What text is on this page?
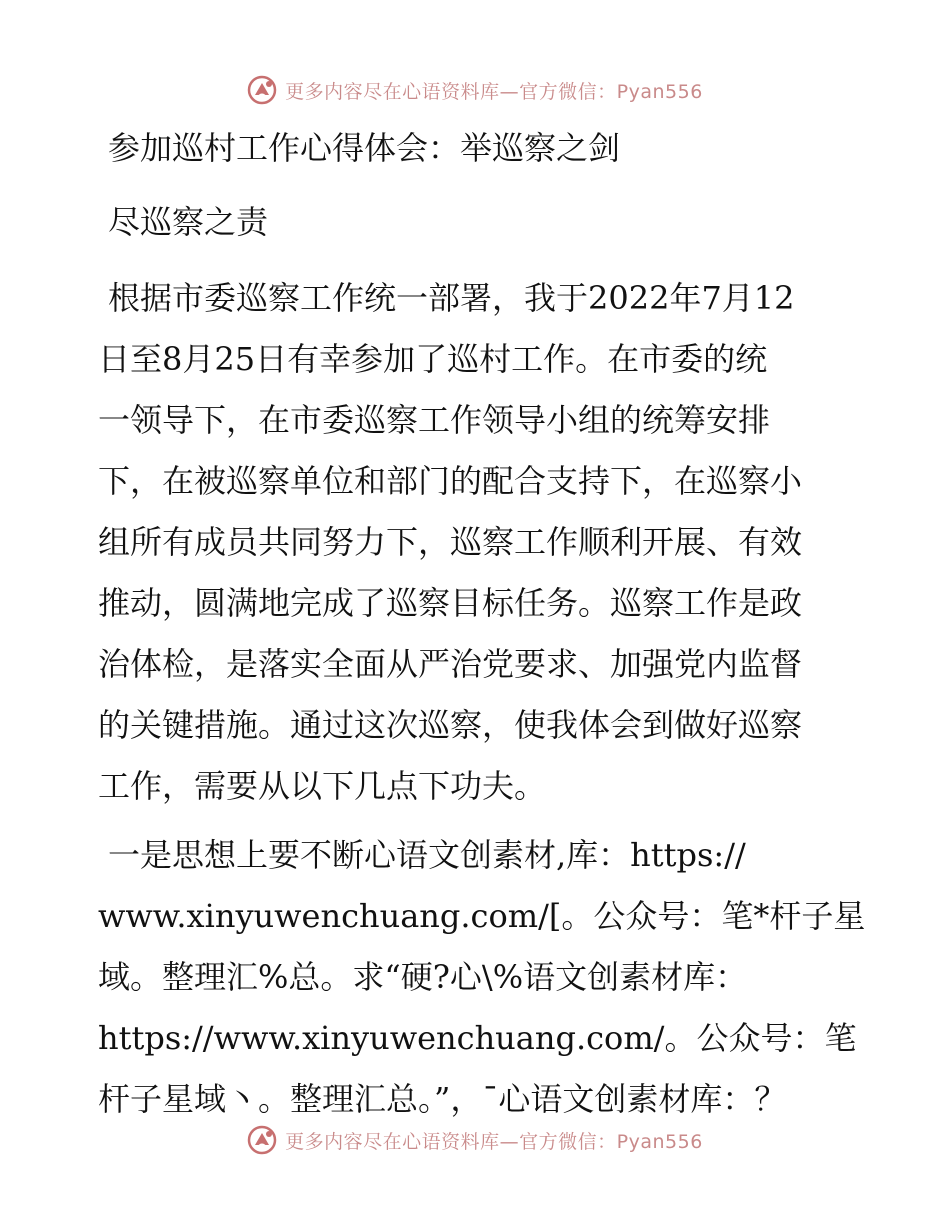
更多内容尽在心语资料库—官方微信：Pyan556
参加巡村工作心得体会：举巡察之剑
尽巡察之责
根据市委巡察工作统一部署，我于2022年7月12
日至8月25日有幸参加了巡村工作。在市委的统
一领导下，在市委巡察工作领导小组的统筹安排
下，在被巡察单位和部门的配合支持下，在巡察小
组所有成员共同努力下，巡察工作顺利开展、有效
推动，圆满地完成了巡察目标任务。巡察工作是政
治体检，是落实全面从严治党要求、加强党内监督
的关键措施。通过这次巡察，使我体会到做好巡察
工作，需要从以下几点下功夫。
一是思想上要不断心语文创素材,库：https://
www.xinyuwenchuang.com/[。公众号：笔*杆子星
域。整理汇%总。求“硬?心\%语文创素材库：
https://www.xinyuwenchuang.com/。公众号：笔
杆子星域丶。整理汇总。”，¯心语文创素材库：？
更多内容尽在心语资料库—官方微信：Pyan556
